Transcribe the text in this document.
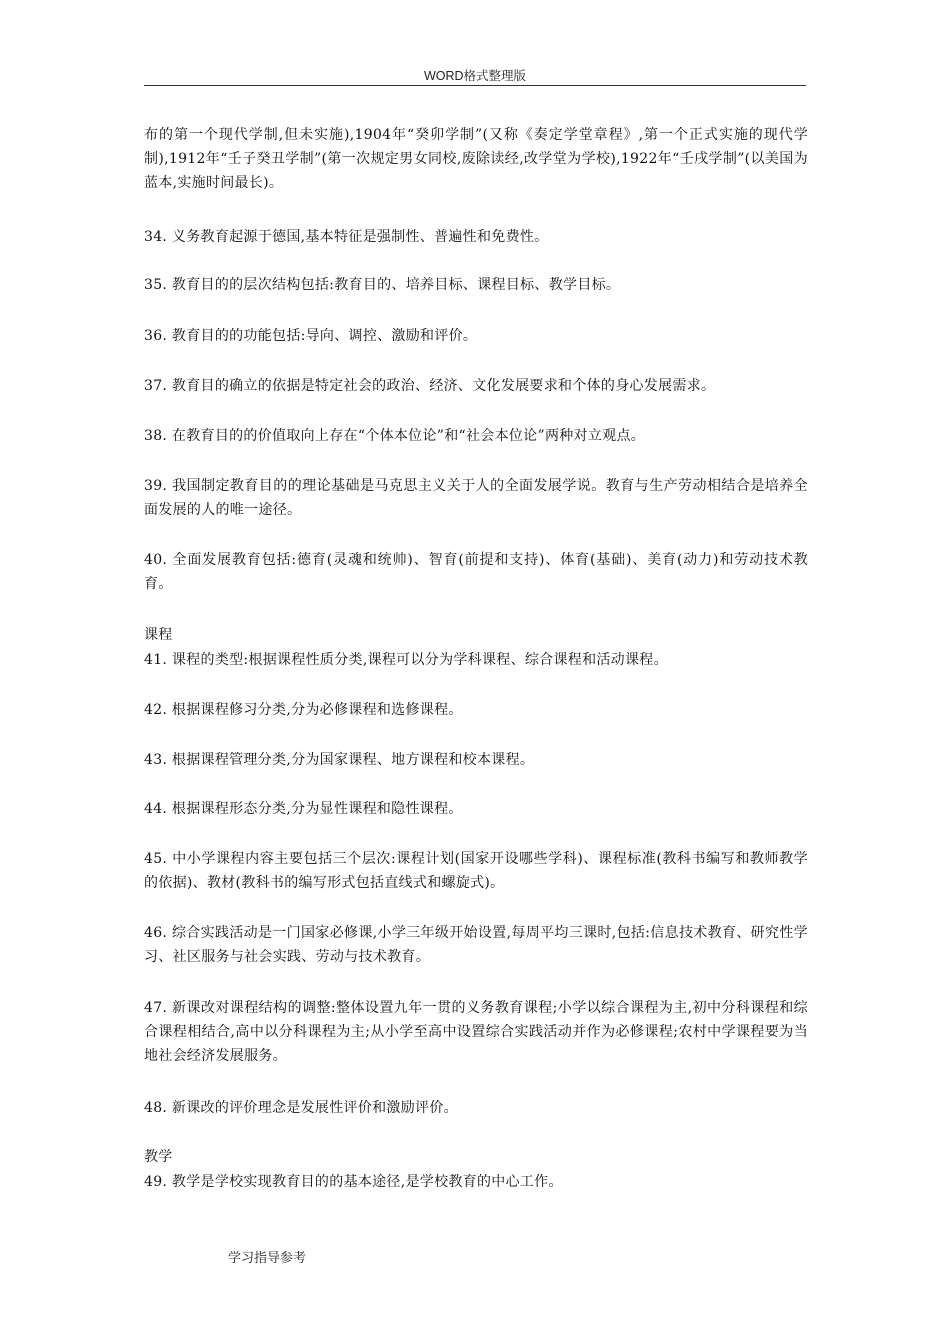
WORD格式整理版
布的第一个现代学制,但未实施),1904年“癸卯学制”(又称《奏定学堂章程》,第一个正式实施的现代学制),1912年“壬子癸丑学制”(第一次规定男女同校,废除读经,改学堂为学校),1922年“壬戌学制”(以美国为蓝本,实施时间最长)。
34. 义务教育起源于德国,基本特征是强制性、普遍性和免费性。
35. 教育目的的层次结构包括:教育目的、培养目标、课程目标、教学目标。
36. 教育目的的功能包括:导向、调控、激励和评价。
37. 教育目的确立的依据是特定社会的政治、经济、文化发展要求和个体的身心发展需求。
38. 在教育目的的价值取向上存在“个体本位论”和“社会本位论”两种对立观点。
39. 我国制定教育目的的理论基础是马克思主义关于人的全面发展学说。教育与生产劳动相结合是培养全面发展的人的唯一途径。
40. 全面发展教育包括:德育(灵魂和统帅)、智育(前提和支持)、体育(基础)、美育(动力)和劳动技术教育。
课程
41. 课程的类型:根据课程性质分类,课程可以分为学科课程、综合课程和活动课程。
42. 根据课程修习分类,分为必修课程和选修课程。
43. 根据课程管理分类,分为国家课程、地方课程和校本课程。
44. 根据课程形态分类,分为显性课程和隐性课程。
45. 中小学课程内容主要包括三个层次:课程计划(国家开设哪些学科)、课程标准(教科书编写和教师教学的依据)、教材(教科书的编写形式包括直线式和螺旋式)。
46. 综合实践活动是一门国家必修课,小学三年级开始设置,每周平均三课时,包括:信息技术教育、研究性学习、社区服务与社会实践、劳动与技术教育。
47. 新课改对课程结构的调整:整体设置九年一贯的义务教育课程;小学以综合课程为主,初中分科课程和综合课程相结合,高中以分科课程为主;从小学至高中设置综合实践活动并作为必修课程;农村中学课程要为当地社会经济发展服务。
48. 新课改的评价理念是发展性评价和激励评价。
教学
49. 教学是学校实现教育目的的基本途径,是学校教育的中心工作。
学习指导参考
